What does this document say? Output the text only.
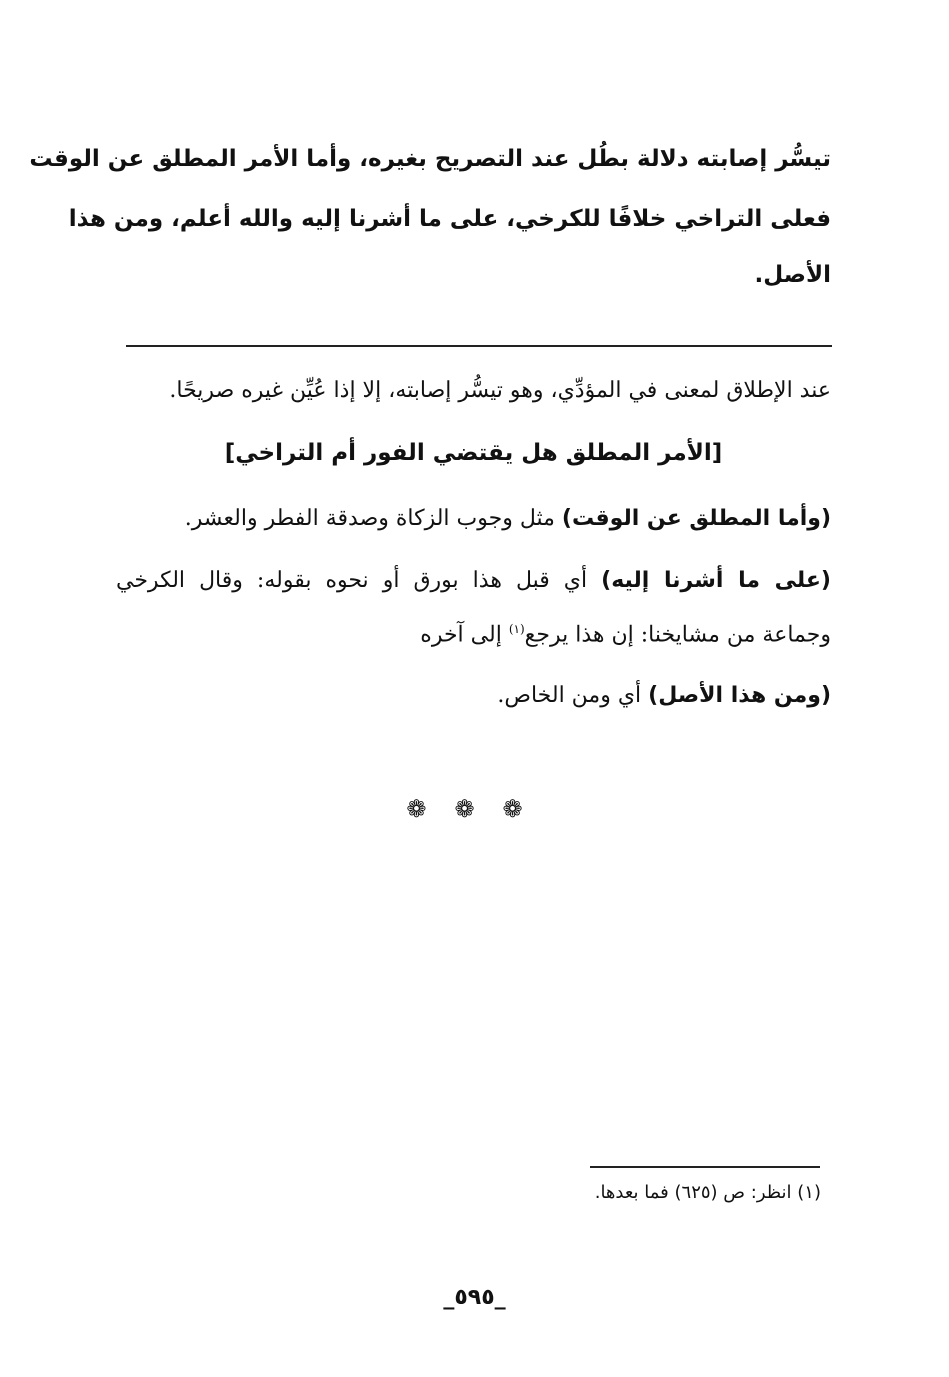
تيسُّر إصابته دلالة بطُل عند التصريح بغيره، وأما الأمر المطلق عن الوقت
فعلى التراخي خلافًا للكرخي، على ما أشرنا إليه والله أعلم، ومن هذا
الأصل.
عند الإطلاق لمعنى في المؤدِّي، وهو تيسُّر إصابته، إلا إذا عُيِّن غيره صريحًا.
[الأمر المطلق هل يقتضي الفور أم التراخي]
(وأما المطلق عن الوقت) مثل وجوب الزكاة وصدقة الفطر والعشر.
(على ما أشرنا إليه) أي قبل هذا بورق أو نحوه بقوله: وقال الكرخي
وجماعة من مشايخنا: إن هذا يرجع$^{(١)}$ إلى آخره
(ومن هذا الأصل) أي ومن الخاص.
❁ ❁ ❁
(١) انظر: ص (٦٢٥) فما بعدها.
_٥٩٥_
